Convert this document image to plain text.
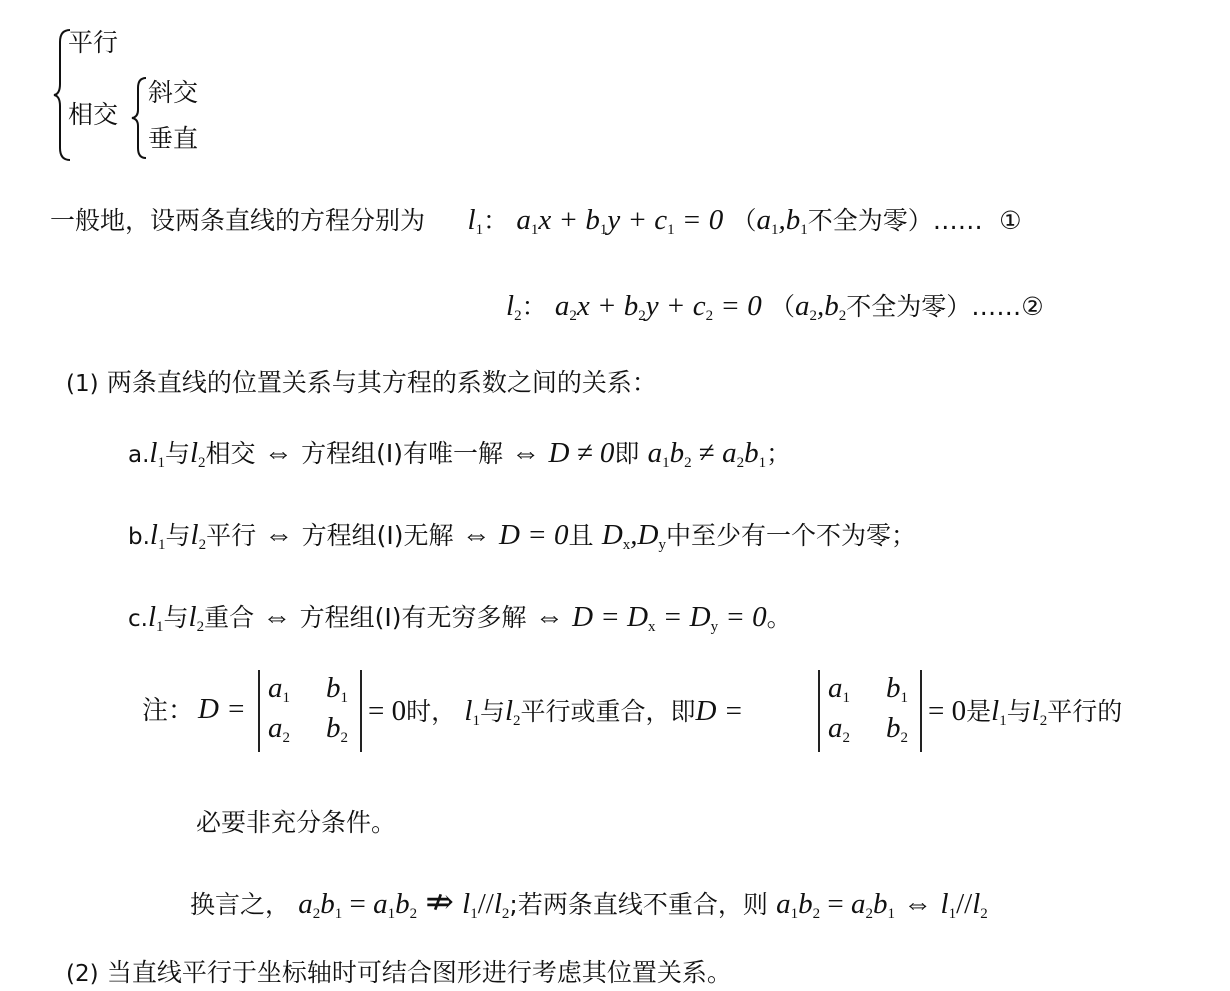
平行
相交
斜交
垂直
一般地，设两条直线的方程分别为 $l_1$： $a_1x + b_1y + c_1 = 0$ （$a_1,b_1$不全为零）…… ①
$l_2$： $a_2x + b_2y + c_2 = 0$ （$a_2,b_2$不全为零）……②
(1) 两条直线的位置关系与其方程的系数之间的关系：
$a.l_1$与$l_2$相交 ⇔ 方程组(Ⅰ)有唯一解 ⇔ D ≠ 0即 $a_1b_2 \ne a_2b_1$；
$b.l_1$与$l_2$平行 ⇔ 方程组(Ⅰ)无解 ⇔ D = 0且 $D_x,D_y$中至少有一个不为零；
$c.l_1$与$l_2$重合 ⇔ 方程组(Ⅰ)有无穷多解 ⇔ $D = D_x = D_y = 0$。
注： D =
$a_1$ $b_1$
$a_2$ $b_2$
= 0时， $l_1$与$l_2$平行或重合，即D =
$a_1$ $b_1$
$a_2$ $b_2$
= 0是$l_1$与$l_2$平行的
必要非充分条件。
换言之， $a_2b_1 = a_1b_2$ ⇏ $l_1//l_2$;若两条直线不重合，则 $a_1b_2 = a_2b_1$ ⇔ $l_1//l_2$
(2) 当直线平行于坐标轴时可结合图形进行考虑其位置关系。
